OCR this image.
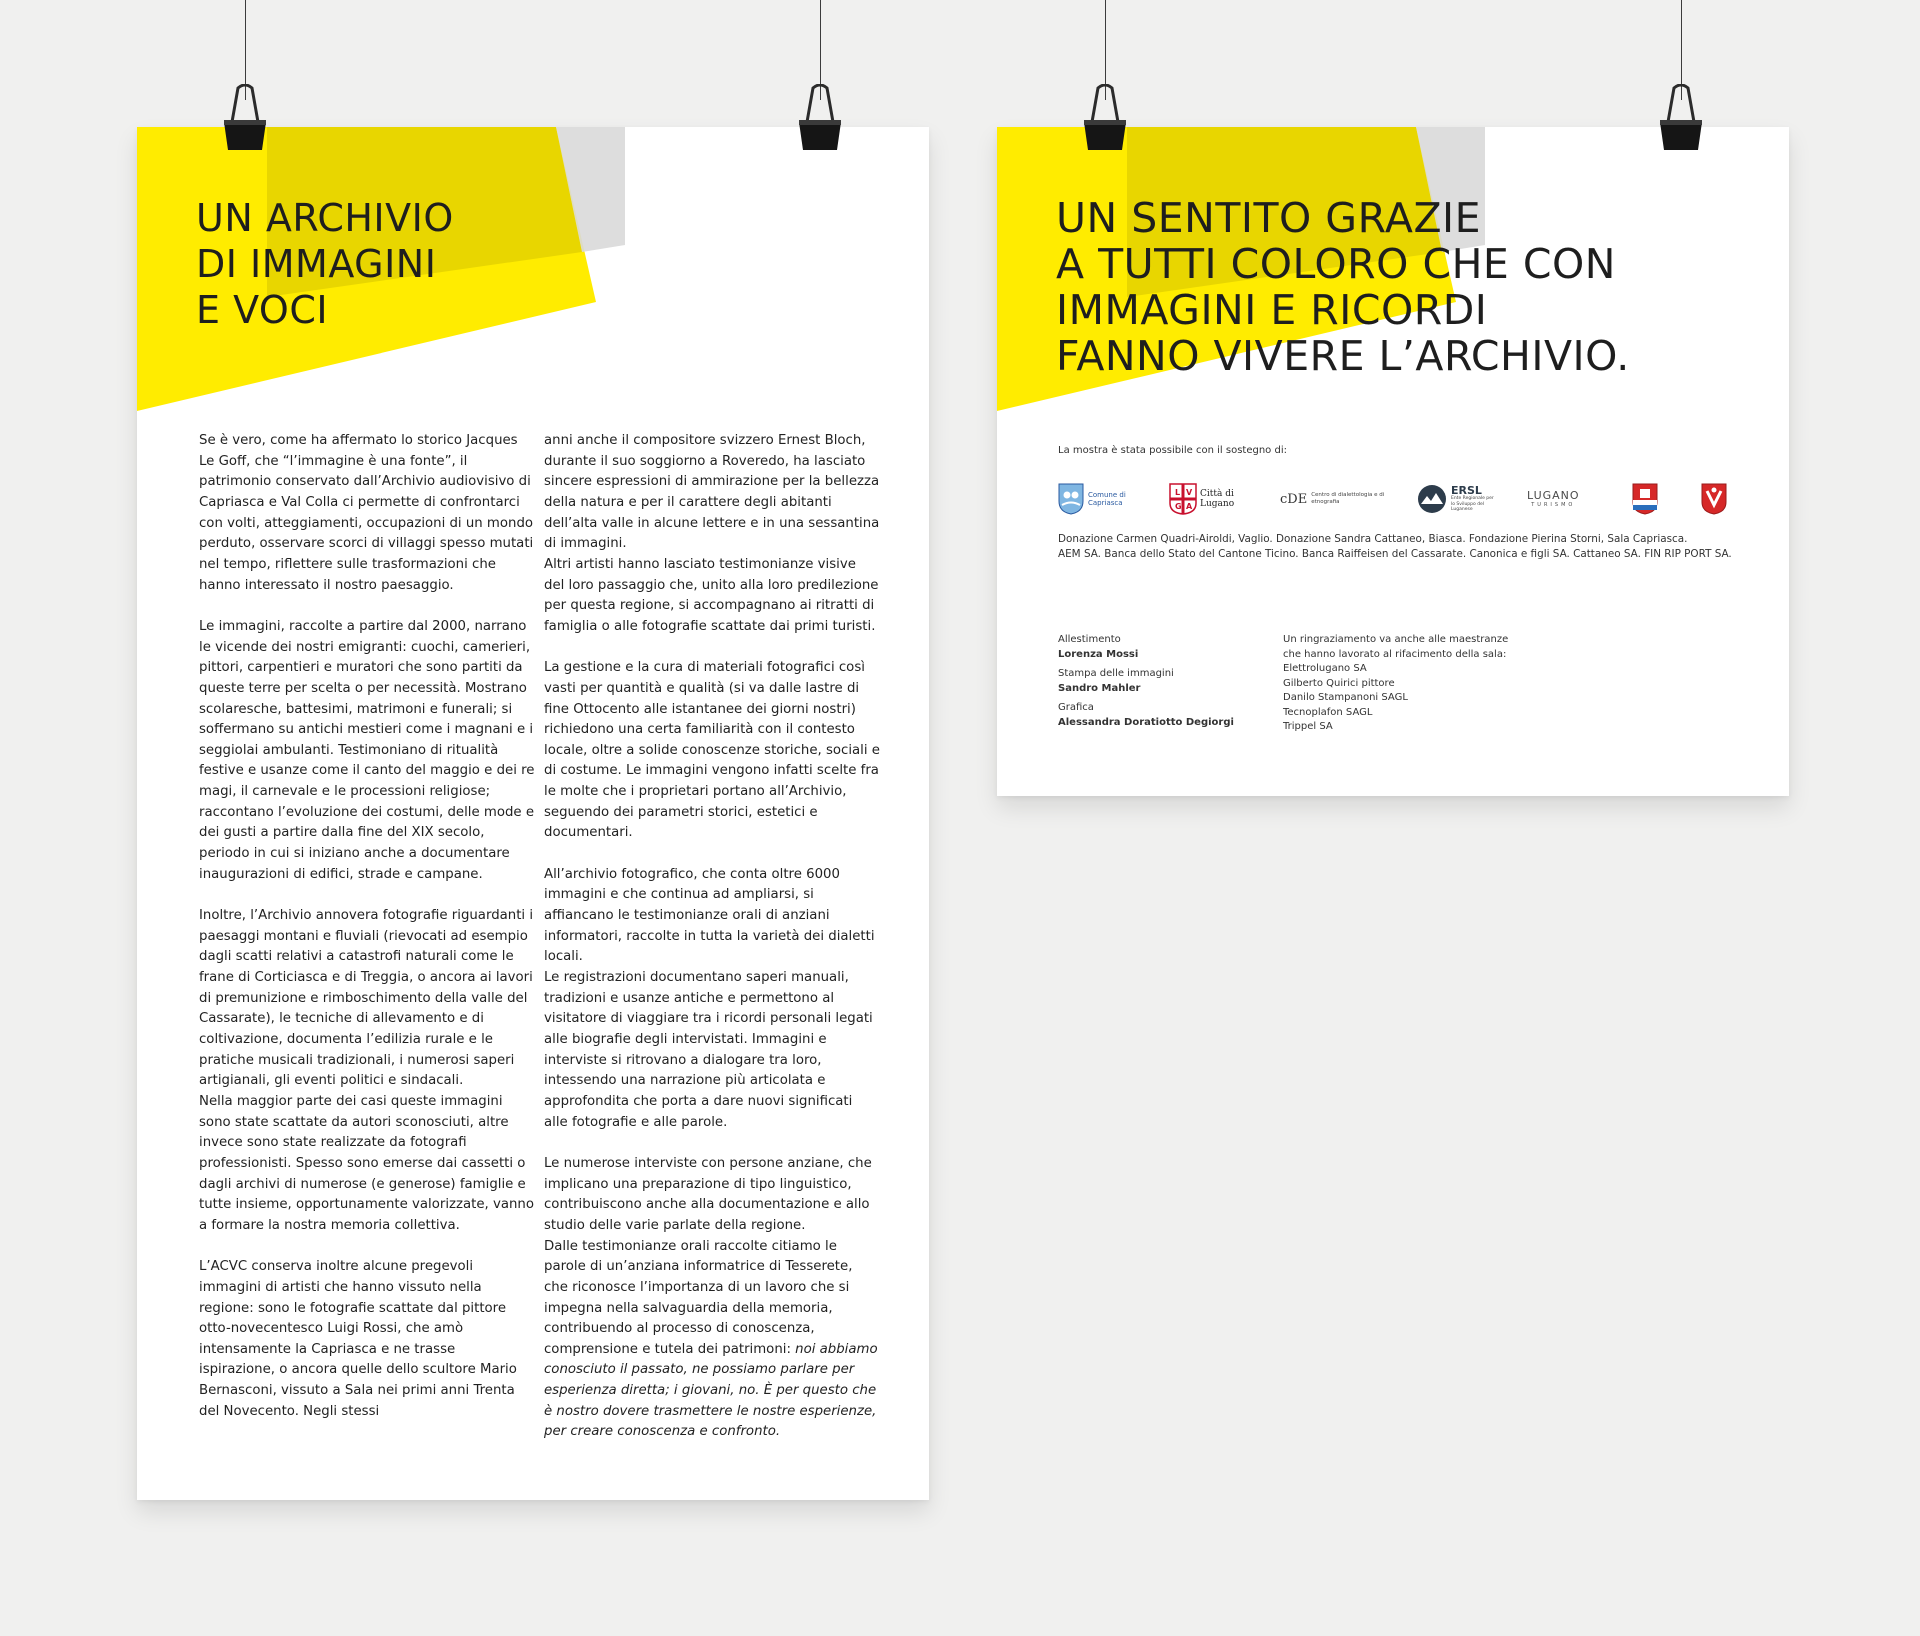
UN ARCHIVIO
DI IMMAGINI
E VOCI

Se è vero, come ha affermato lo storico Jacques Le Goff, che “l’immagine è una fonte”, il patrimonio conservato dall’Archivio audiovisivo di Capriasca e Val Colla ci permette di confrontarci con volti, atteggiamenti, occupazioni di un mondo perduto, osservare scorci di villaggi spesso mutati nel tempo, riflettere sulle trasformazioni che hanno interessato il nostro paesaggio.

Le immagini, raccolte a partire dal 2000, narrano le vicende dei nostri emigranti: cuochi, camerieri, pittori, carpentieri e muratori che sono partiti da queste terre per scelta o per necessità. Mostrano scolaresche, battesimi, matrimoni e funerali; si soffermano su antichi mestieri come i magnani e i seggiolai ambulanti. Testimoniano di ritualità festive e usanze come il canto del maggio e dei re magi, il carnevale e le processioni religiose; raccontano l’evoluzione dei costumi, delle mode e dei gusti a partire dalla fine del XIX secolo, periodo in cui si iniziano anche a documentare inaugurazioni di edifici, strade e campane.

Inoltre, l’Archivio annovera fotografie riguardanti i paesaggi montani e fluviali (rievocati ad esempio dagli scatti relativi a catastrofi naturali come le frane di Corticiasca e di Treggia, o ancora ai lavori di premunizione e rimboschimento della valle del Cassarate), le tecniche di allevamento e di coltivazione, documenta l’edilizia rurale e le pratiche musicali tradizionali, i numerosi saperi artigianali, gli eventi politici e sindacali.

Nella maggior parte dei casi queste immagini sono state scattate da autori sconosciuti, altre invece sono state realizzate da fotografi professionisti. Spesso sono emerse dai cassetti o dagli archivi di numerose (e generose) famiglie e tutte insieme, opportunamente valorizzate, vanno a formare la nostra memoria collettiva.

L’ACVC conserva inoltre alcune pregevoli immagini di artisti che hanno vissuto nella regione: sono le fotografie scattate dal pittore otto-novecentesco Luigi Rossi, che amò intensamente la Capriasca e ne trasse ispirazione, o ancora quelle dello scultore Mario Bernasconi, vissuto a Sala nei primi anni Trenta del Novecento. Negli stessi

anni anche il compositore svizzero Ernest Bloch, durante il suo soggiorno a Roveredo, ha lasciato sincere espressioni di ammirazione per la bellezza della natura e per il carattere degli abitanti dell’alta valle in alcune lettere e in una sessantina di immagini.

Altri artisti hanno lasciato testimonianze visive del loro passaggio che, unito alla loro predilezione per questa regione, si accompagnano ai ritratti di famiglia o alle fotografie scattate dai primi turisti.

La gestione e la cura di materiali fotografici così vasti per quantità e qualità (si va dalle lastre di fine Ottocento alle istantanee dei giorni nostri) richiedono una certa familiarità con il contesto locale, oltre a solide conoscenze storiche, sociali e di costume. Le immagini vengono infatti scelte fra le molte che i proprietari portano all’Archivio, seguendo dei parametri storici, estetici e documentari.

All’archivio fotografico, che conta oltre 6000 immagini e che continua ad ampliarsi, si affiancano le testimonianze orali di anziani informatori, raccolte in tutta la varietà dei dialetti locali.

Le registrazioni documentano saperi manuali, tradizioni e usanze antiche e permettono al visitatore di viaggiare tra i ricordi personali legati alle biografie degli intervistati. Immagini e interviste si ritrovano a dialogare tra loro, intessendo una narrazione più articolata e approfondita che porta a dare nuovi significati alle fotografie e alle parole.

Le numerose interviste con persone anziane, che implicano una preparazione di tipo linguistico, contribuiscono anche alla documentazione e allo studio delle varie parlate della regione.

Dalle testimonianze orali raccolte citiamo le parole di un’anziana informatrice di Tesserete, che riconosce l’importanza di un lavoro che si impegna nella salvaguardia della memoria, contribuendo al processo di conoscenza, comprensione e tutela dei patrimoni: noi abbiamo conosciuto il passato, ne possiamo parlare per esperienza diretta; i giovani, no. È per questo che è nostro dovere trasmettere le nostre esperienze, per creare conoscenza e confronto.

UN SENTITO GRAZIE
A TUTTI COLORO CHE CON
IMMAGINI E RICORDI
FANNO VIVERE L’ARCHIVIO.
La mostra è stata possibile con il sostegno di:
Comune di Capriasca
L V
G A
Città di Lugano	cDE Centro di dialettologia e di etnografia
ERSL
Ente Regionale per lo Sviluppo del Luganese
LUGANO
TURISMO
Donazione Carmen Quadri-Airoldi, Vaglio. Donazione Sandra Cattaneo, Biasca. Fondazione Pierina Storni, Sala Capriasca.
AEM SA. Banca dello Stato del Cantone Ticino. Banca Raiffeisen del Cassarate. Canonica e figli SA. Cattaneo SA. FIN RIP PORT SA.
Allestimento
Lorenza Mossi
Stampa delle immagini
Sandro Mahler
Grafica
Alessandra Doratiotto Degiorgi
Un ringraziamento va anche alle maestranze
che hanno lavorato al rifacimento della sala:
Elettrolugano SA
Gilberto Quirici pittore
Danilo Stampanoni SAGL
Tecnoplafon SAGL
Trippel SA
